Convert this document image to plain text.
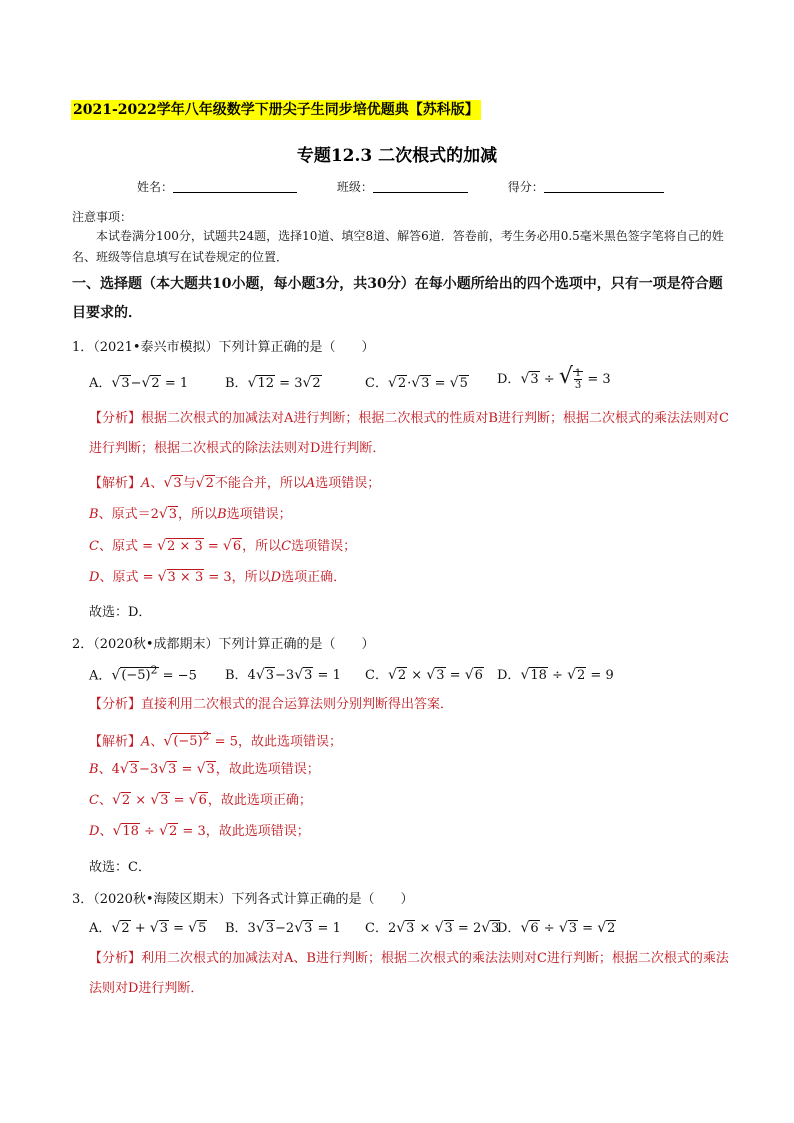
2021-2022学年八年级数学下册尖子生同步培优题典【苏科版】
专题12.3 二次根式的加减
姓名：	班级：	得分：
注意事项：
本试卷满分100分，试题共24题，选择10道、填空8道、解答6道．答卷前，考生务必用0.5毫米黑色签字笔将自己的姓名、班级等信息填写在试卷规定的位置．
一、选择题（本大题共10小题，每小题3分，共30分）在每小题所给出的四个选项中，只有一项是符合题目要求的．
1．（2021•泰兴市模拟）下列计算正确的是（　　）
A．√3−√2 = 1	B．√12 = 3√2	C．√2·√3 = √5 D．√3 ÷ √ $\frac{1}{3} = 3$
【分析】根据二次根式的加减法对A进行判断；根据二次根式的性质对B进行判断；根据二次根式的乘法法则对C进行判断；根据二次根式的除法法则对D进行判断．
【解析】A、√3与√2不能合并，所以A选项错误；
B、原式＝2√3，所以B选项错误；
C、原式 = √2 × 3 = √6，所以C选项错误；
D、原式 = √3 × 3 = 3，所以D选项正确．
故选：D．
2．（2020秋•成都期末）下列计算正确的是（　　）
A．$√(-5)^2 = -5$ B．4√3−3√3 = 1 C．√2 × √3 = √6 D．√18 ÷ √2 = 9
【分析】直接利用二次根式的混合运算法则分别判断得出答案．
【解析】A、$√(-5)^2 = 5$，故此选项错误；
B、4√3−3√3 = √3，故此选项错误；
C、√2 × √3 = √6，故此选项正确；
D、√18 ÷ √2 = 3，故此选项错误；
故选：C．
3．（2020秋•海陵区期末）下列各式计算正确的是（　　）
A．√2 + √3 = √5 B．3√3−2√3 = 1 C．2√3 × √3 = 2√3
D．√6 ÷ √3 = √2
【分析】利用二次根式的加减法对A、B进行判断；根据二次根式的乘法法则对C进行判断；根据二次根式的乘法法则对D进行判断．
